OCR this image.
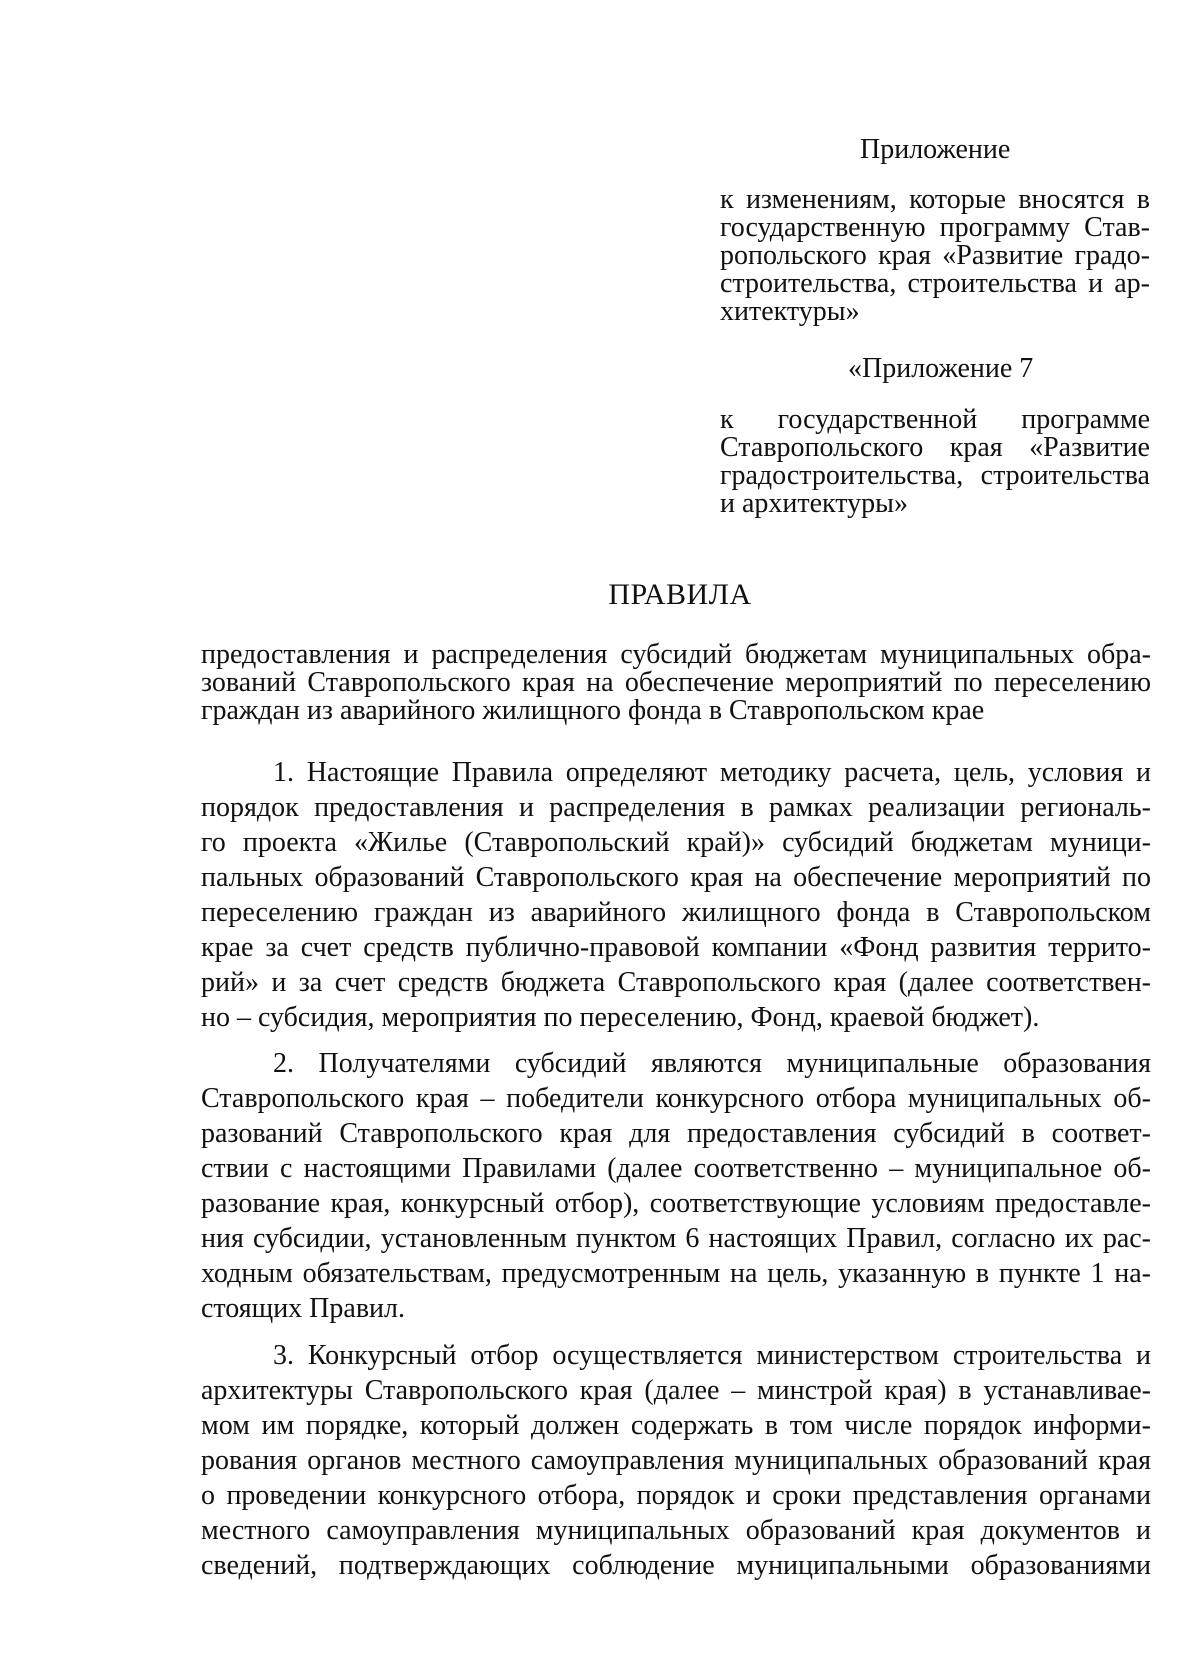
Приложение
к изменениям, которые вносятся в
государственную программу Став-
ропольского края «Развитие градо-
строительства, строительства и ар-
хитектуры»
«Приложение 7
к государственной программе
Ставропольского края «Развитие
градостроительства, строительства
и архитектуры»
ПРАВИЛА
предоставления и распределения субсидий бюджетам муниципальных обра-
зований Ставропольского края на обеспечение мероприятий по переселению
граждан из аварийного жилищного фонда в Ставропольском крае
1. Настоящие Правила определяют методику расчета, цель, условия и
порядок предоставления и распределения в рамках реализации региональ-
го проекта «Жилье (Ставропольский край)» субсидий бюджетам муници-
пальных образований Ставропольского края на обеспечение мероприятий по
переселению граждан из аварийного жилищного фонда в Ставропольском
крае за счет средств публично-правовой компании «Фонд развития террито-
рий» и за счет средств бюджета Ставропольского края (далее соответствен-
но – субсидия, мероприятия по переселению, Фонд, краевой бюджет).
2. Получателями субсидий являются муниципальные образования
Ставропольского края – победители конкурсного отбора муниципальных об-
разований Ставропольского края для предоставления субсидий в соответ-
ствии с настоящими Правилами (далее соответственно – муниципальное об-
разование края, конкурсный отбор), соответствующие условиям предоставле-
ния субсидии, установленным пунктом 6 настоящих Правил, согласно их рас-
ходным обязательствам, предусмотренным на цель, указанную в пункте 1 на-
стоящих Правил.
3. Конкурсный отбор осуществляется министерством строительства и
архитектуры Ставропольского края (далее – минстрой края) в устанавливае-
мом им порядке, который должен содержать в том числе порядок информи-
рования органов местного самоуправления муниципальных образований края
о проведении конкурсного отбора, порядок и сроки представления органами
местного самоуправления муниципальных образований края документов и
сведений, подтверждающих соблюдение муниципальными образованиями
